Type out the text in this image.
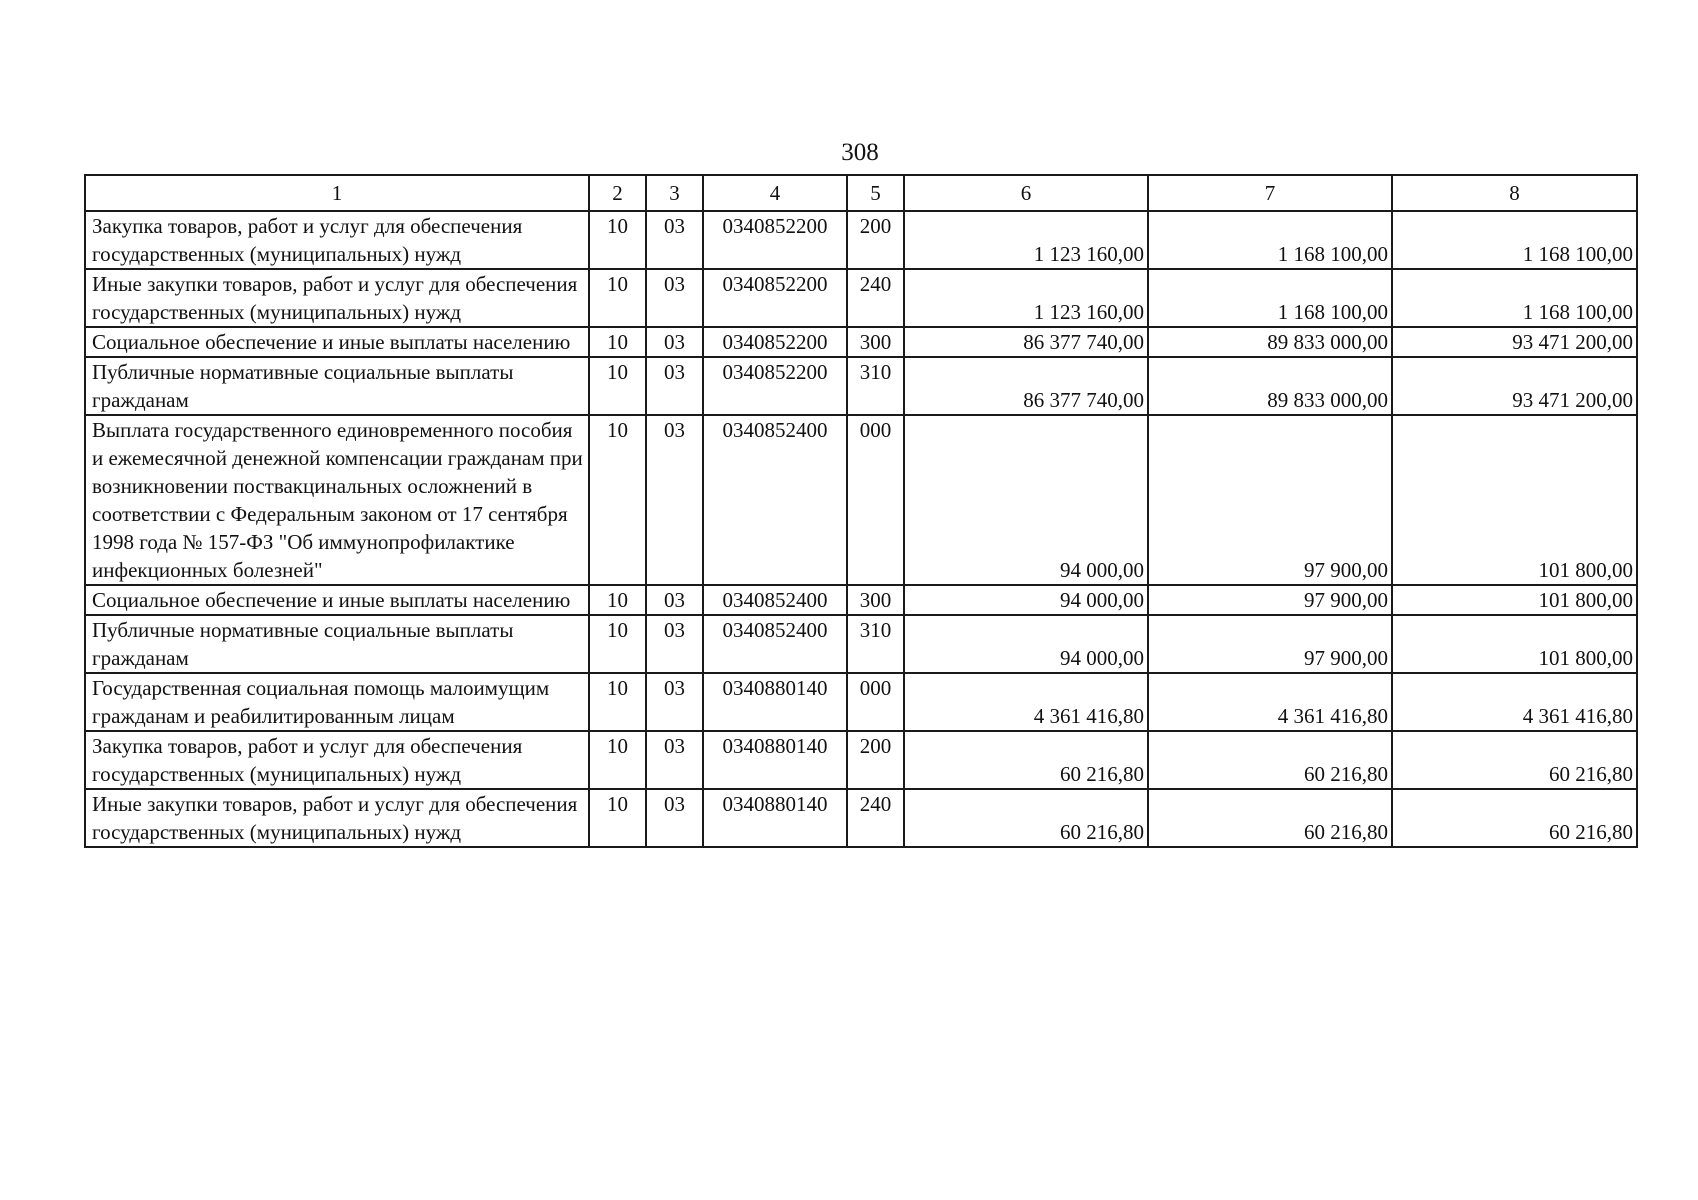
308
1	2	3	4	5	6	7	8
Закупка товаров, работ и услуг для обеспечения государственных (муниципальных) нужд	10	03	0340852200	200	1 123 160,00	1 168 100,00	1 168 100,00
Иные закупки товаров, работ и услуг для обеспечения государственных (муниципальных) нужд	10	03	0340852200	240	1 123 160,00	1 168 100,00	1 168 100,00
Социальное обеспечение и иные выплаты населению	10	03	0340852200	300	86 377 740,00	89 833 000,00	93 471 200,00
Публичные нормативные социальные выплаты гражданам	10	03	0340852200	310	86 377 740,00	89 833 000,00	93 471 200,00
Выплата государственного единовременного пособия и ежемесячной денежной компенсации гражданам при возникновении поствакцинальных осложнений в соответствии с Федеральным законом от 17 сентября 1998 года № 157-ФЗ "Об иммунопрофилактике инфекционных болезней"	10	03	0340852400	000	94 000,00	97 900,00	101 800,00
Социальное обеспечение и иные выплаты населению	10	03	0340852400	300	94 000,00	97 900,00	101 800,00
Публичные нормативные социальные выплаты гражданам	10	03	0340852400	310	94 000,00	97 900,00	101 800,00
Государственная социальная помощь малоимущим гражданам и реабилитированным лицам	10	03	0340880140	000	4 361 416,80	4 361 416,80	4 361 416,80
Закупка товаров, работ и услуг для обеспечения государственных (муниципальных) нужд	10	03	0340880140	200	60 216,80	60 216,80	60 216,80
Иные закупки товаров, работ и услуг для обеспечения государственных (муниципальных) нужд	10	03	0340880140	240	60 216,80	60 216,80	60 216,80
